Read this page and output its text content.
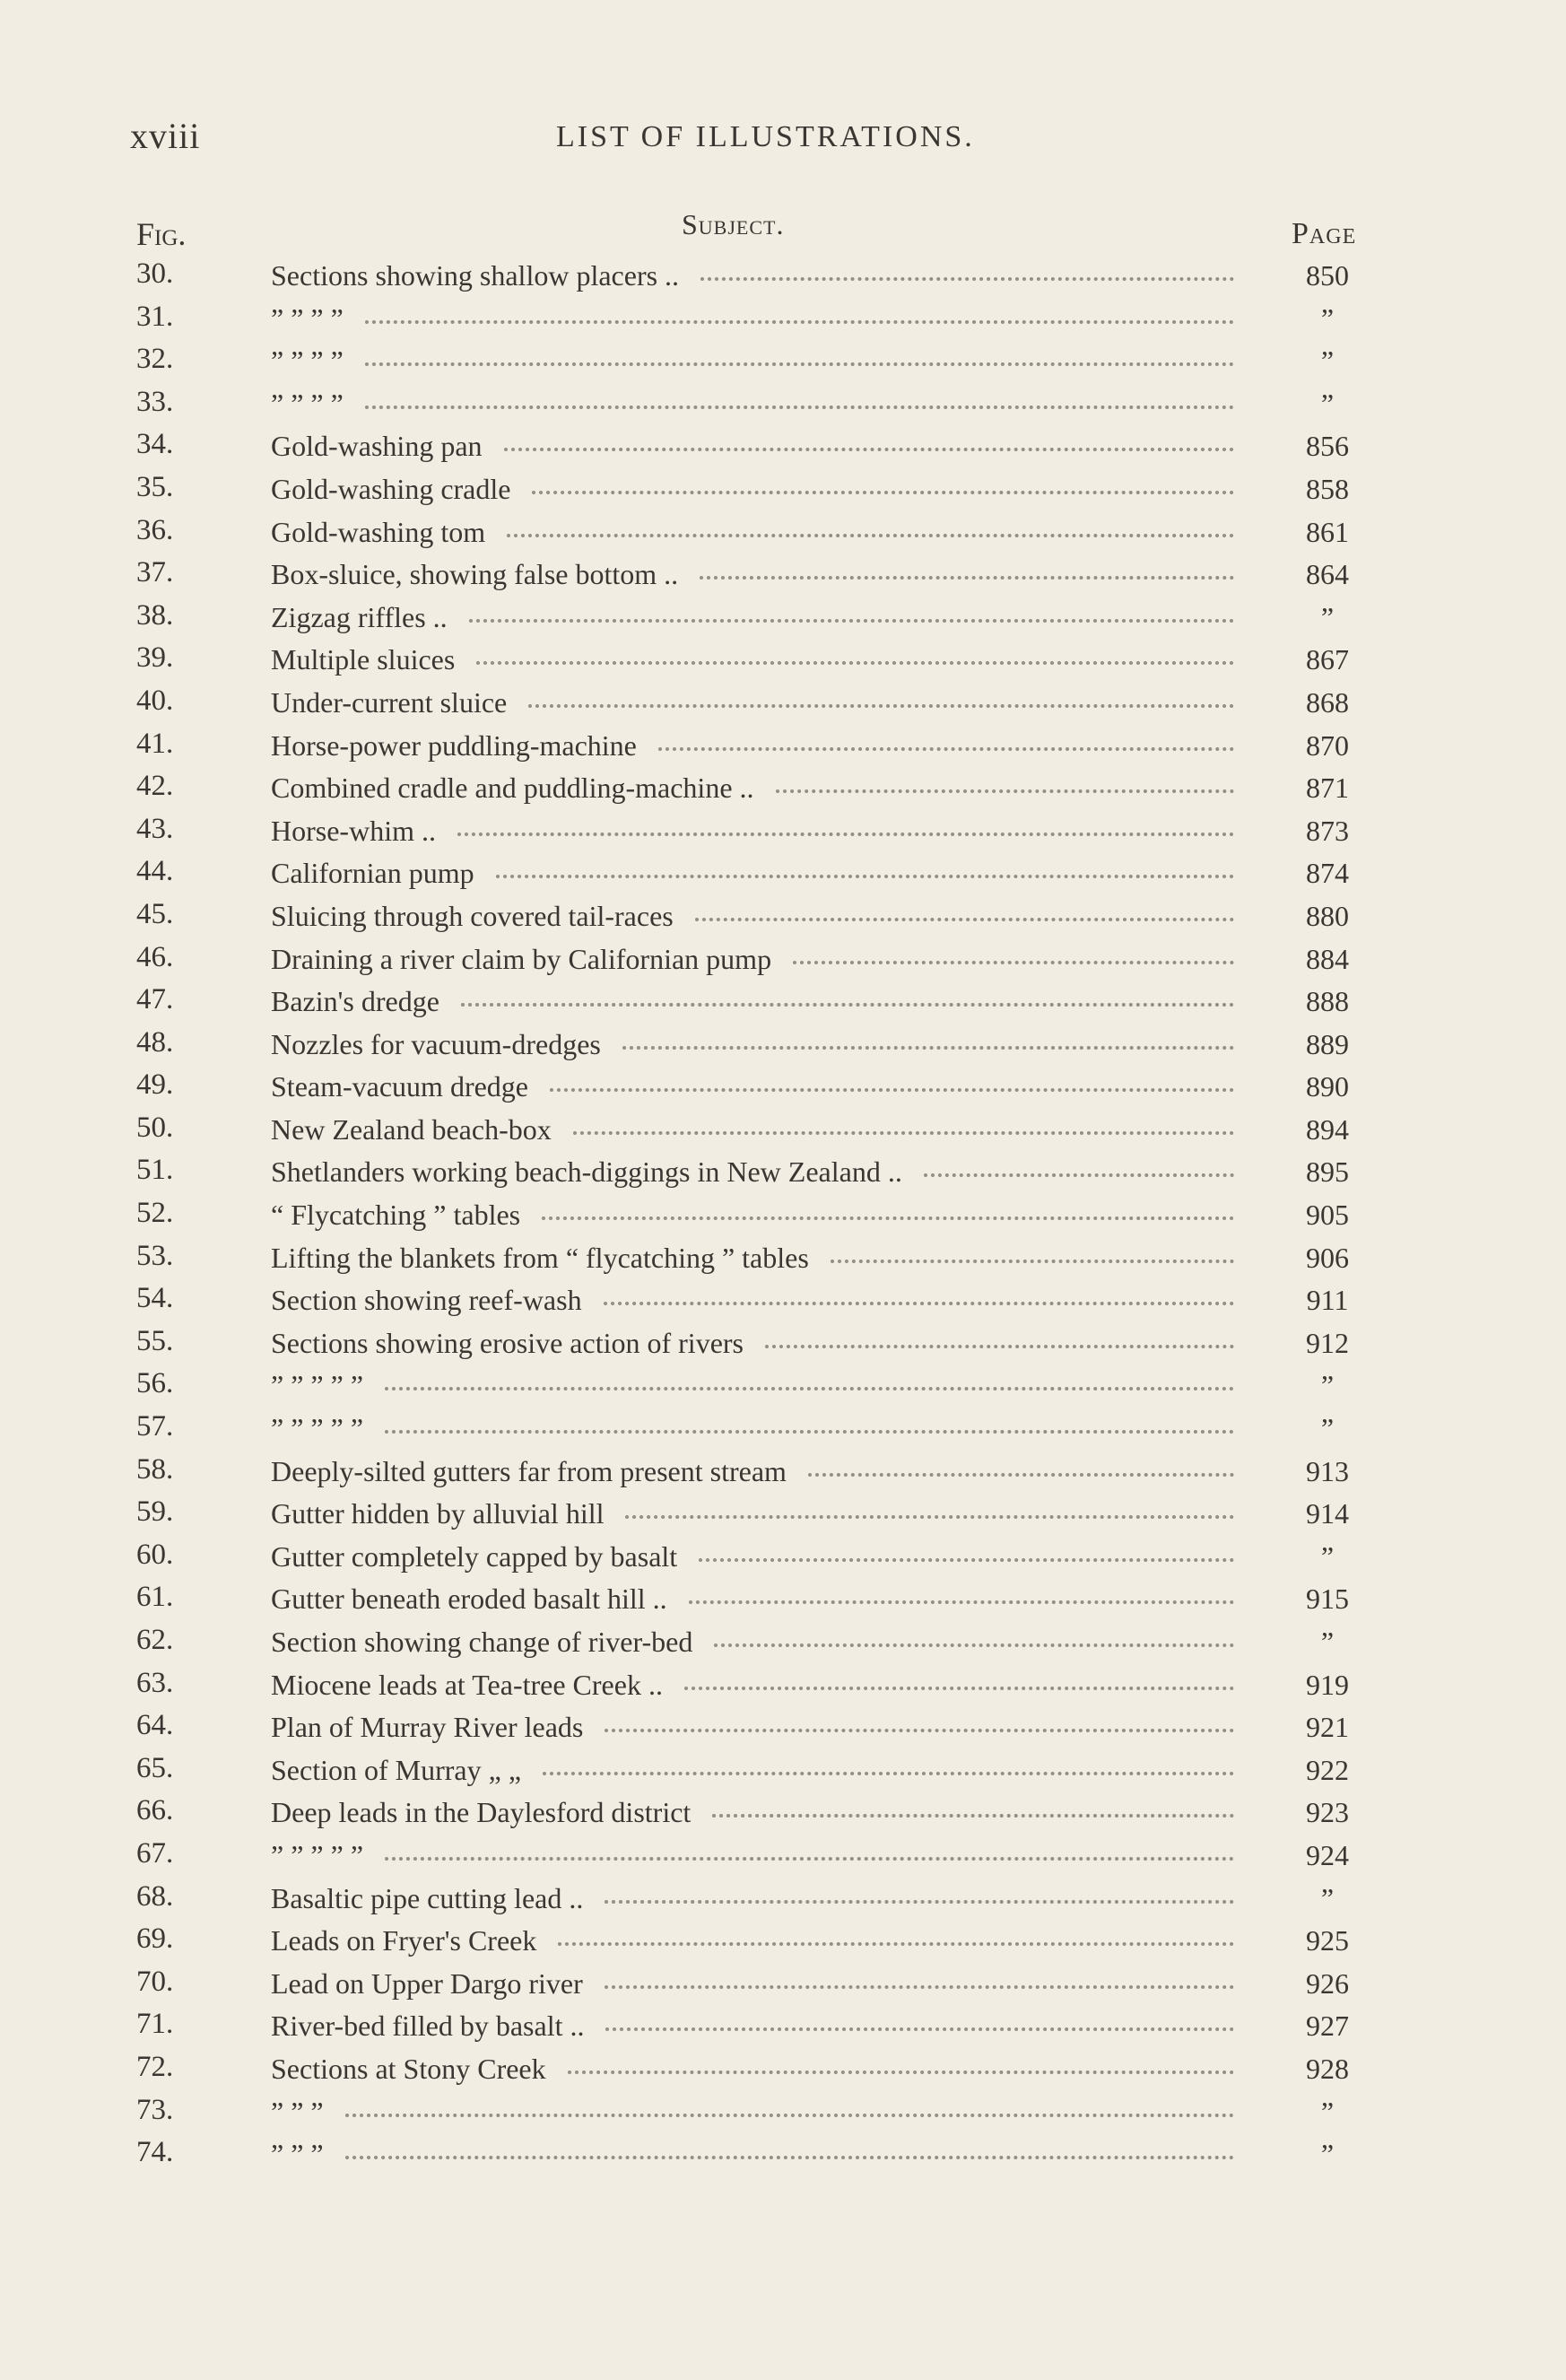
xviii	LIST OF ILLUSTRATIONS.
Fig.	Subject.	Page
30.	Sections showing shallow placers ..	850
31.	” ” ” ”	”
32.	” ” ” ”	”
33.	” ” ” ”	”
34.	Gold-washing pan	856
35.	Gold-washing cradle	858
36.	Gold-washing tom	861
37.	Box-sluice, showing false bottom ..	864
38.	Zigzag riffles ..	”
39.	Multiple sluices	867
40.	Under-current sluice	868
41.	Horse-power puddling-machine	870
42.	Combined cradle and puddling-machine ..	871
43.	Horse-whim ..	873
44.	Californian pump	874
45.	Sluicing through covered tail-races	880
46.	Draining a river claim by Californian pump	884
47.	Bazin's dredge	888
48.	Nozzles for vacuum-dredges	889
49.	Steam-vacuum dredge	890
50.	New Zealand beach-box	894
51.	Shetlanders working beach-diggings in New Zealand ..	895
52.	“ Flycatching ” tables	905
53.	Lifting the blankets from “ flycatching ” tables	906
54.	Section showing reef-wash	911
55.	Sections showing erosive action of rivers	912
56.	” ” ” ” ”	”
57.	” ” ” ” ”	”
58.	Deeply-silted gutters far from present stream	913
59.	Gutter hidden by alluvial hill	914
60.	Gutter completely capped by basalt	”
61.	Gutter beneath eroded basalt hill ..	915
62.	Section showing change of river-bed	”
63.	Miocene leads at Tea-tree Creek ..	919
64.	Plan of Murray River leads	921
65.	Section of Murray „ „	922
66.	Deep leads in the Daylesford district	923
67.	” ” ” ” ”	924
68.	Basaltic pipe cutting lead ..	”
69.	Leads on Fryer's Creek	925
70.	Lead on Upper Dargo river	926
71.	River-bed filled by basalt ..	927
72.	Sections at Stony Creek	928
73.	” ” ”	”
74.	” ” ”	”
